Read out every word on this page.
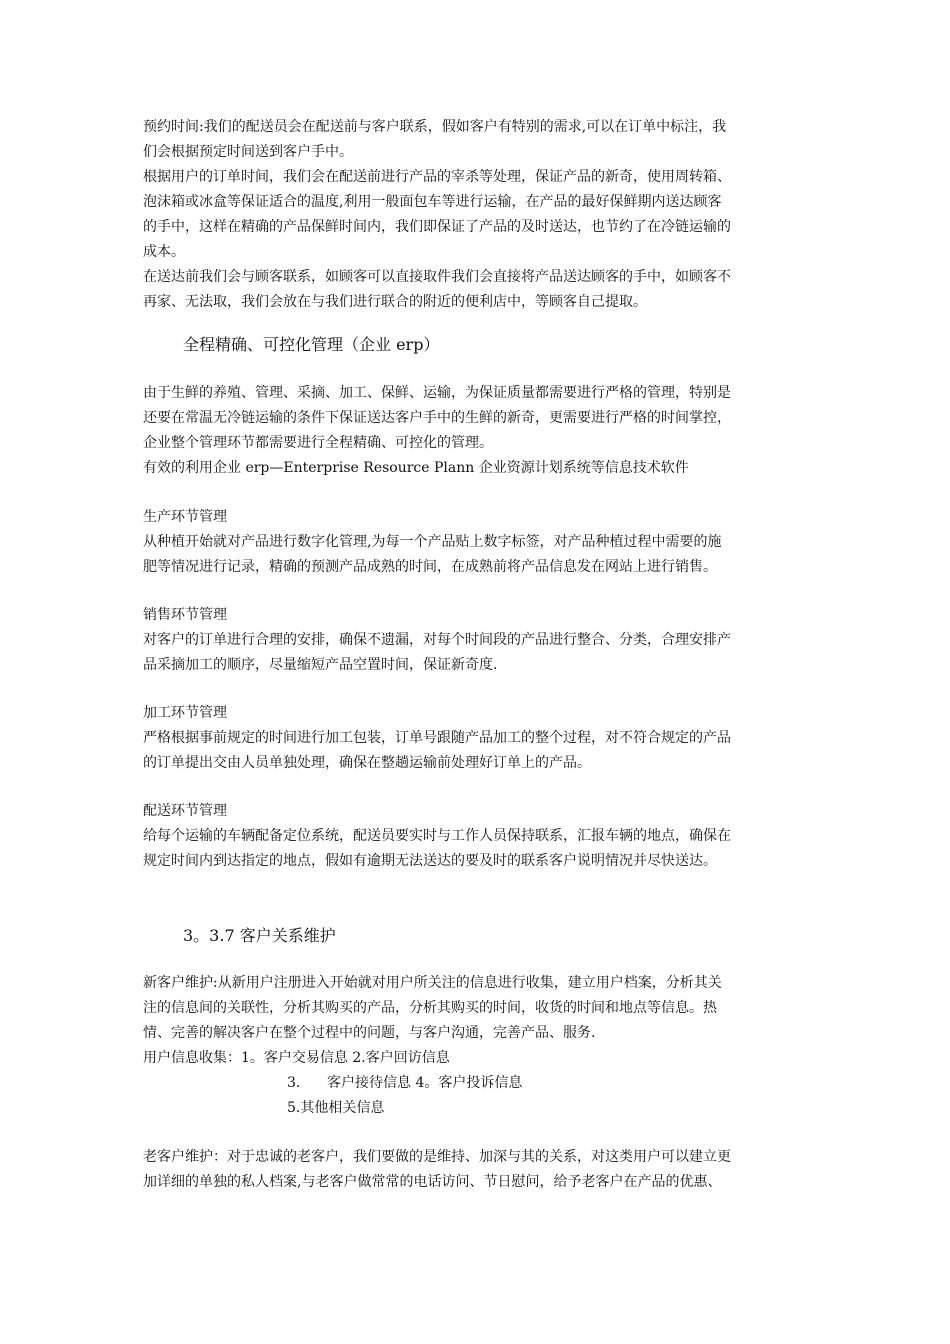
预约时间:我们的配送员会在配送前与客户联系，假如客户有特别的需求,可以在订单中标注，我
们会根据预定时间送到客户手中。
根据用户的订单时间，我们会在配送前进行产品的宰杀等处理，保证产品的新奇，使用周转箱、
泡沫箱或冰盒等保证适合的温度,利用一般面包车等进行运输，在产品的最好保鲜期内送达顾客
的手中，这样在精确的产品保鲜时间内，我们即保证了产品的及时送达，也节约了在冷链运输的
成本。
在送达前我们会与顾客联系，如顾客可以直接取件我们会直接将产品送达顾客的手中，如顾客不
再家、无法取，我们会放在与我们进行联合的附近的便利店中，等顾客自己提取。
全程精确、可控化管理（企业 erp）
由于生鲜的养殖、管理、采摘、加工、保鲜、运输，为保证质量都需要进行严格的管理，特别是
还要在常温无冷链运输的条件下保证送达客户手中的生鲜的新奇，更需要进行严格的时间掌控，
企业整个管理环节都需要进行全程精确、可控化的管理。
有效的利用企业 erp—Enterprise Resource Plann 企业资源计划系统等信息技术软件
生产环节管理
从种植开始就对产品进行数字化管理,为每一个产品贴上数字标签，对产品种植过程中需要的施
肥等情况进行记录，精确的预测产品成熟的时间，在成熟前将产品信息发在网站上进行销售。
销售环节管理
对客户的订单进行合理的安排，确保不遗漏，对每个时间段的产品进行整合、分类，合理安排产
品采摘加工的顺序，尽量缩短产品空置时间，保证新奇度.
加工环节管理
严格根据事前规定的时间进行加工包装，订单号跟随产品加工的整个过程，对不符合规定的产品
的订单提出交由人员单独处理，确保在整趟运输前处理好订单上的产品。
配送环节管理
给每个运输的车辆配备定位系统，配送员要实时与工作人员保持联系，汇报车辆的地点，确保在
规定时间内到达指定的地点，假如有逾期无法送达的要及时的联系客户说明情况并尽快送达。
3。3.7 客户关系维护
新客户维护:从新用户注册进入开始就对用户所关注的信息进行收集，建立用户档案，分析其关
注的信息间的关联性，分析其购买的产品，分析其购买的时间，收货的时间和地点等信息。热
情、完善的解决客户在整个过程中的问题，与客户沟通，完善产品、服务.
用户信息收集：1。客户交易信息 2.客户回访信息
3.      客户接待信息 4。客户投诉信息
5.其他相关信息
老客户维护：对于忠诚的老客户，我们要做的是维持、加深与其的关系，对这类用户可以建立更
加详细的单独的私人档案,与老客户做常常的电话访问、节日慰问，给予老客户在产品的优惠、
